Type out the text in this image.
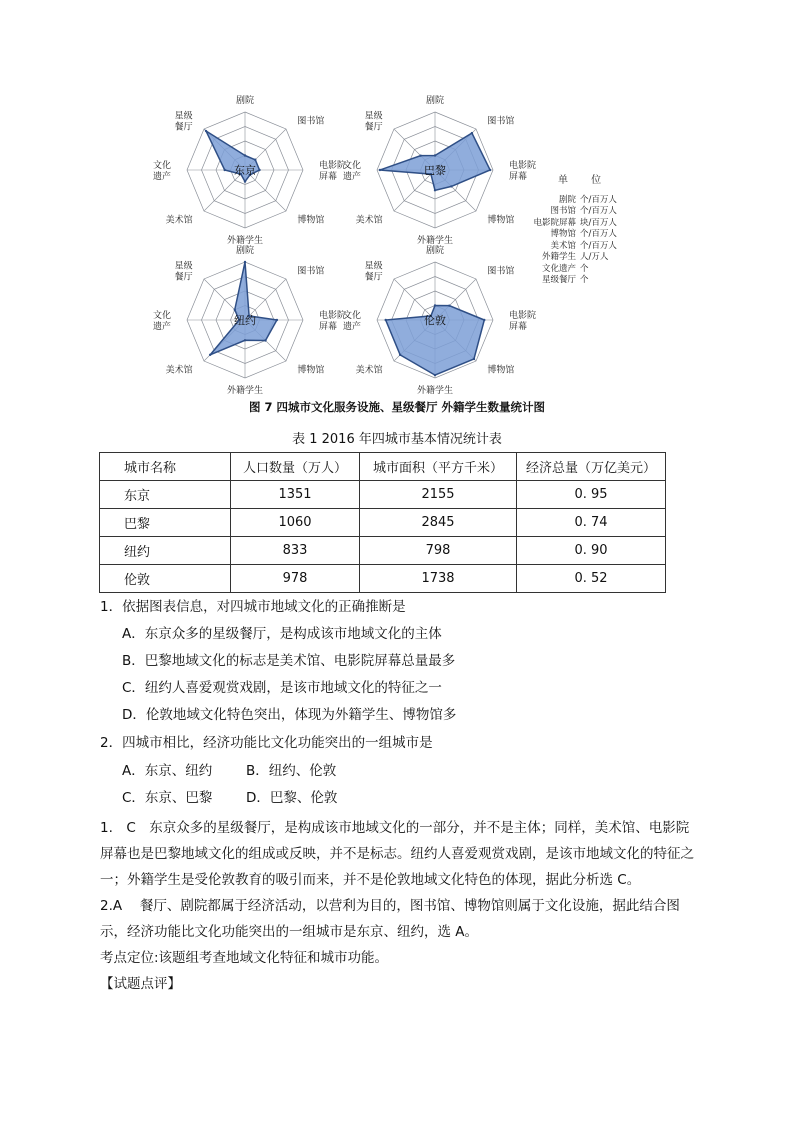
东京
剧院
图书馆
电影院屏幕
博物馆
外籍学生
美术馆
文化遗产
星级餐厅
巴黎
剧院
图书馆
电影院屏幕
博物馆
外籍学生
美术馆
文化遗产
星级餐厅
纽约
剧院
图书馆
电影院屏幕
博物馆
外籍学生
美术馆
文化遗产
星级餐厅
伦敦
剧院
图书馆
电影院屏幕
博物馆
外籍学生
美术馆
文化遗产
星级餐厅
单 位
剧院 个/百万人
图书馆 个/百万人
电影院屏幕 块/百万人
博物馆 个/百万人
美术馆 个/百万人
外籍学生 人/万人
文化遗产 个
星级餐厅 个
图 7 四城市文化服务设施、星级餐厅 外籍学生数量统计图
表 1 2016 年四城市基本情况统计表
城市名称	人口数量（万人）	城市面积（平方千米）	经济总量（万亿美元）
东京	1351	2155	0. 95
巴黎	1060	2845	0. 74
纽约	833	798	0. 90
伦敦	978	1738	0. 52
1．依据图表信息，对四城市地域文化的正确推断是
A．东京众多的星级餐厅，是构成该市地域文化的主体
B．巴黎地域文化的标志是美术馆、电影院屏幕总量最多
C．纽约人喜爱观赏戏剧，是该市地域文化的特征之一
D．伦敦地域文化特色突出，体现为外籍学生、博物馆多
2．四城市相比，经济功能比文化功能突出的一组城市是
A．东京、纽约	B．纽约、伦敦
C．东京、巴黎 D．巴黎、伦敦

1.　C　东京众多的星级餐厅，是构成该市地域文化的一部分，并不是主体；同样，美术馆、电影院屏幕也是巴黎地域文化的组成或反映，并不是标志。纽约人喜爱观赏戏剧，是该市地域文化的特征之一；外籍学生是受伦敦教育的吸引而来，并不是伦敦地域文化特色的体现，据此分析选 C。

2.A　 餐厅、剧院都属于经济活动，以营利为目的，图书馆、博物馆则属于文化设施，据此结合图示，经济功能比文化功能突出的一组城市是东京、纽约，选 A。

考点定位:该题组考查地域文化特征和城市功能。

【试题点评】
